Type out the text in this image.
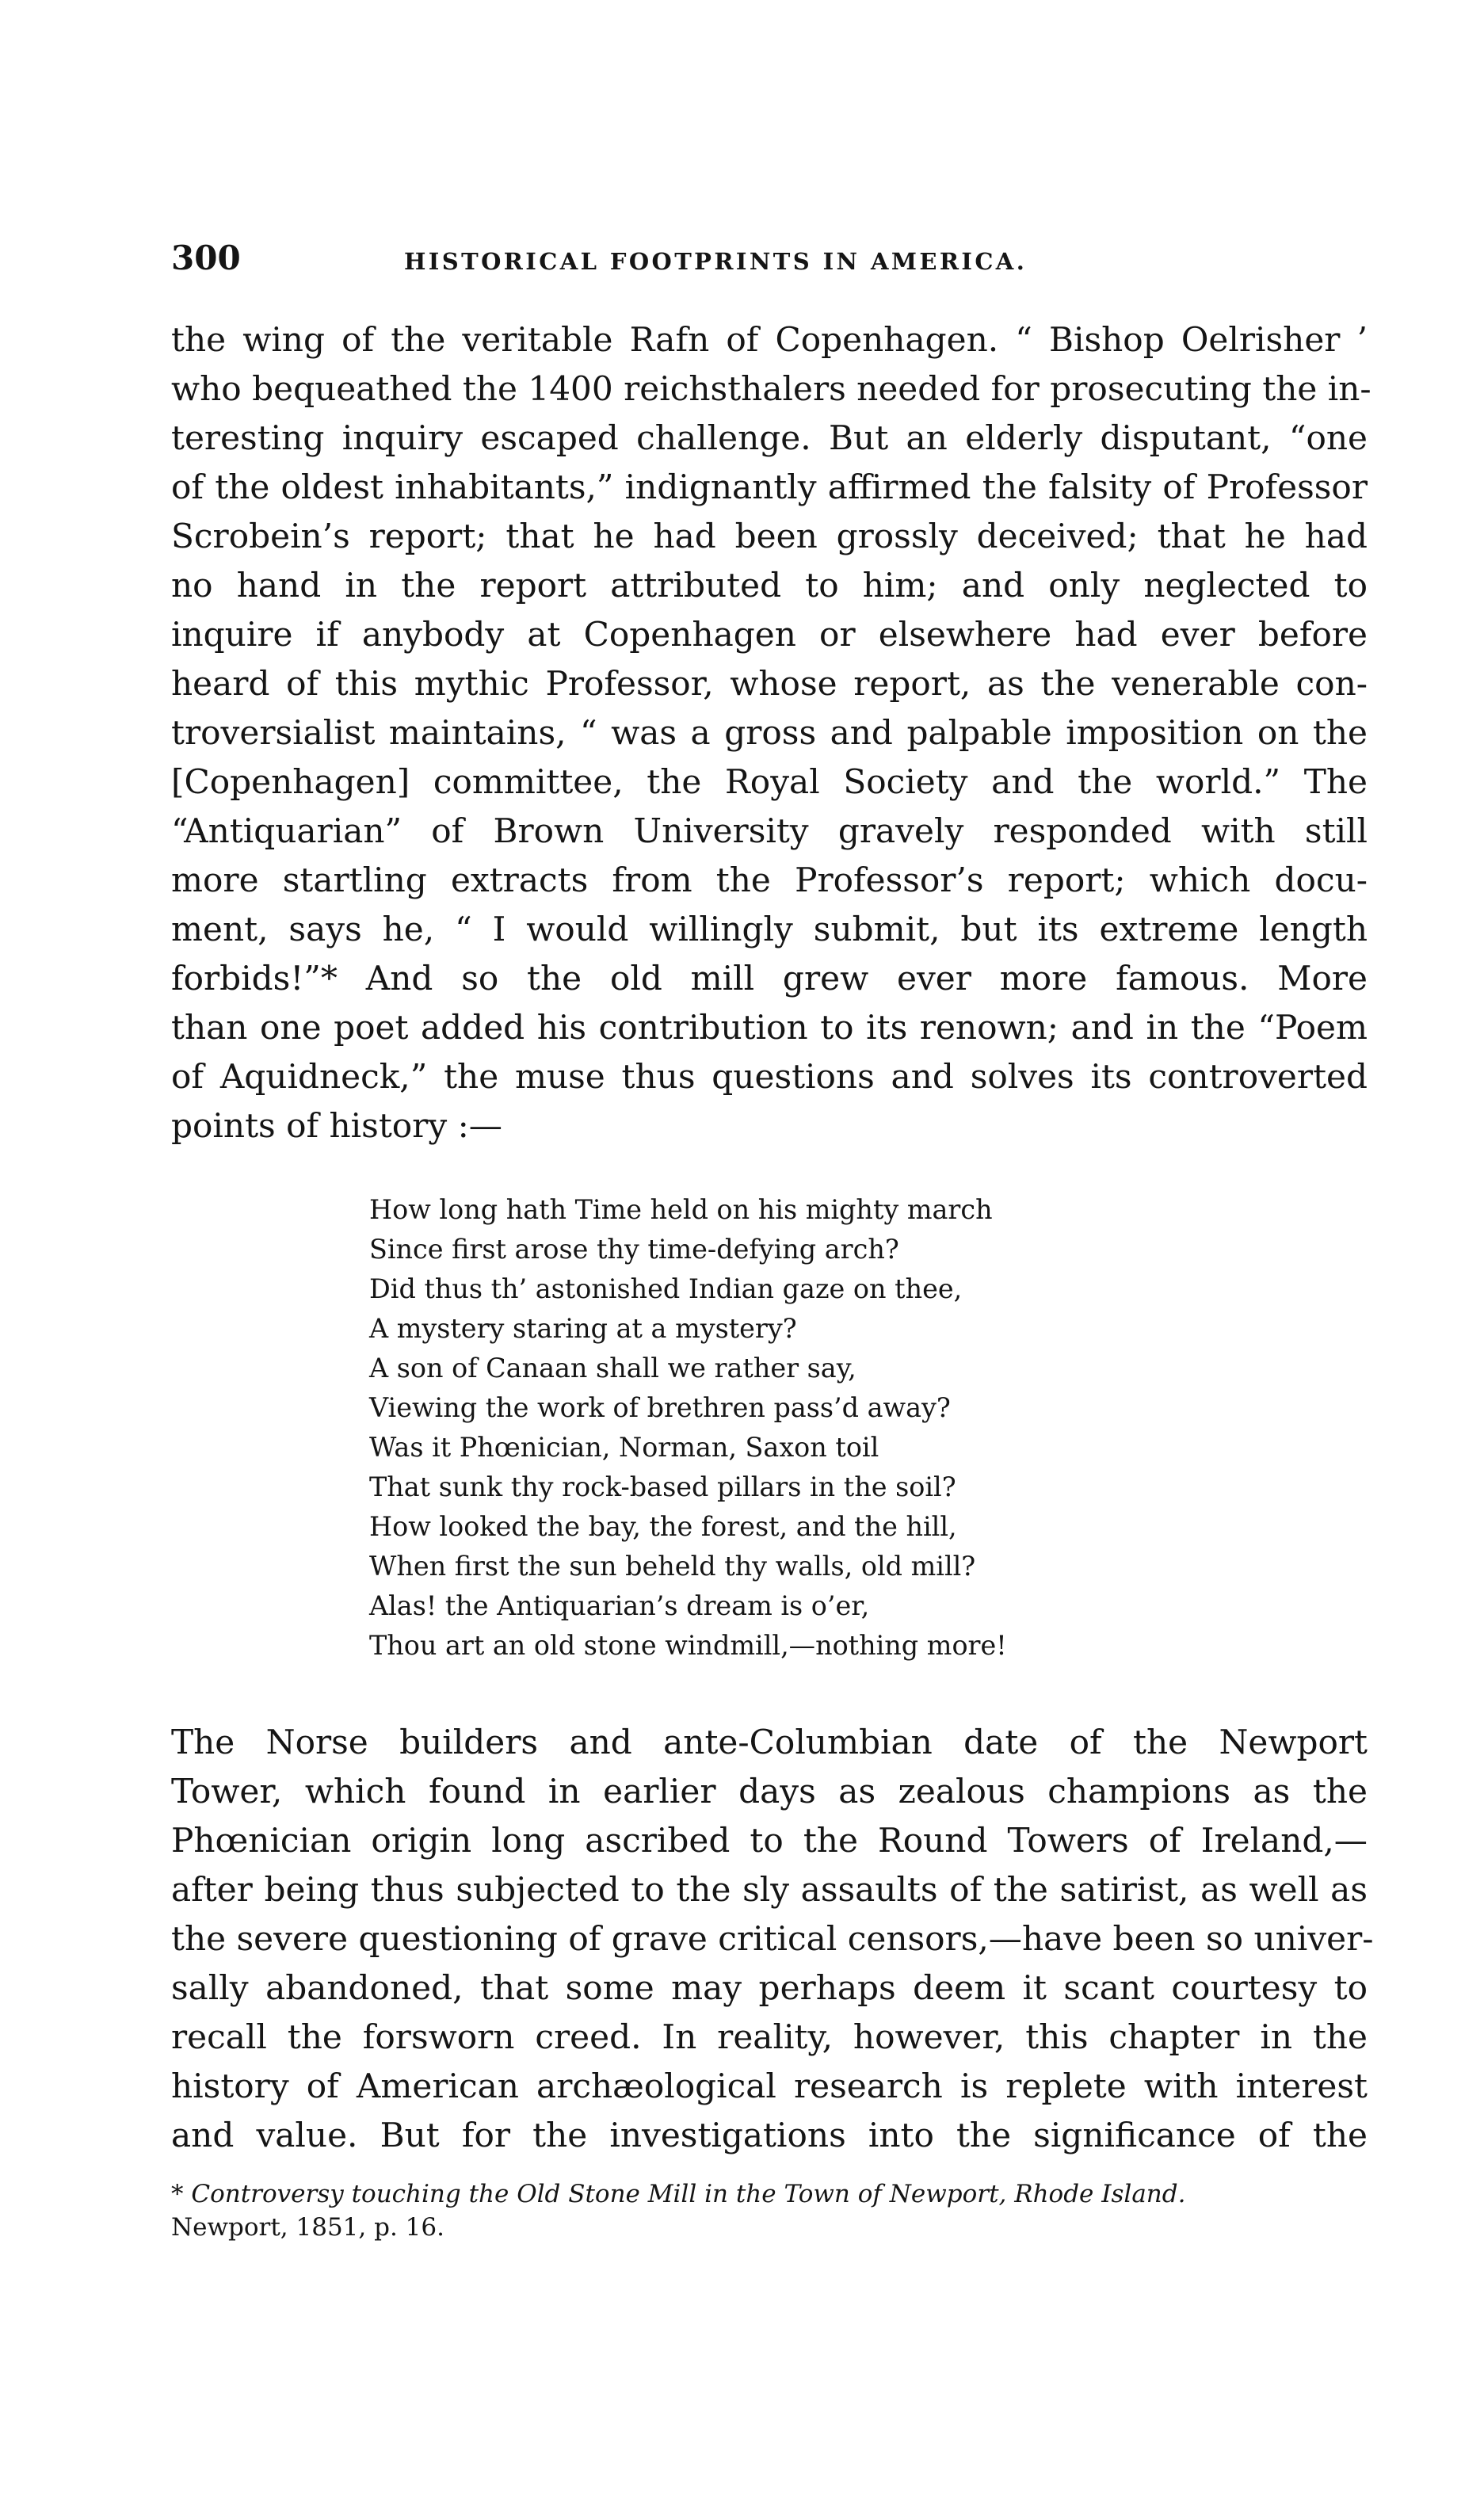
300	HISTORICAL FOOTPRINTS IN AMERICA.
the wing of the veritable Rafn of Copenhagen. “ Bishop Oelrisher ’
who bequeathed the 1400 reichsthalers needed for prosecuting the in-
teresting inquiry escaped challenge. But an elderly disputant, “one
of the oldest inhabitants,” indignantly affirmed the falsity of Professor
Scrobein’s report; that he had been grossly deceived; that he had
no hand in the report attributed to him; and only neglected to
inquire if anybody at Copenhagen or elsewhere had ever before
heard of this mythic Professor, whose report, as the venerable con-
troversialist maintains, “ was a gross and palpable imposition on the
[Copenhagen] committee, the Royal Society and the world.” The
“Antiquarian” of Brown University gravely responded with still
more startling extracts from the Professor’s report; which docu-
ment, says he, “ I would willingly submit, but its extreme length
forbids!”* And so the old mill grew ever more famous. More
than one poet added his contribution to its renown; and in the “Poem
of Aquidneck,” the muse thus questions and solves its controverted
points of history :—
How long hath Time held on his mighty march
Since first arose thy time-defying arch?
Did thus th’ astonished Indian gaze on thee,
A mystery staring at a mystery?
A son of Canaan shall we rather say,
Viewing the work of brethren pass’d away?
Was it Phœnician, Norman, Saxon toil
That sunk thy rock-based pillars in the soil?
How looked the bay, the forest, and the hill,
When first the sun beheld thy walls, old mill?
Alas! the Antiquarian’s dream is o’er,
Thou art an old stone windmill,—nothing more!
The Norse builders and ante-Columbian date of the Newport
Tower, which found in earlier days as zealous champions as the
Phœnician origin long ascribed to the Round Towers of Ireland,—
after being thus subjected to the sly assaults of the satirist, as well as
the severe questioning of grave critical censors,—have been so univer-
sally abandoned, that some may perhaps deem it scant courtesy to
recall the forsworn creed. In reality, however, this chapter in the
history of American archæological research is replete with interest
and value. But for the investigations into the significance of the
* Controversy touching the Old Stone Mill in the Town of Newport, Rhode Island.
Newport, 1851, p. 16.
